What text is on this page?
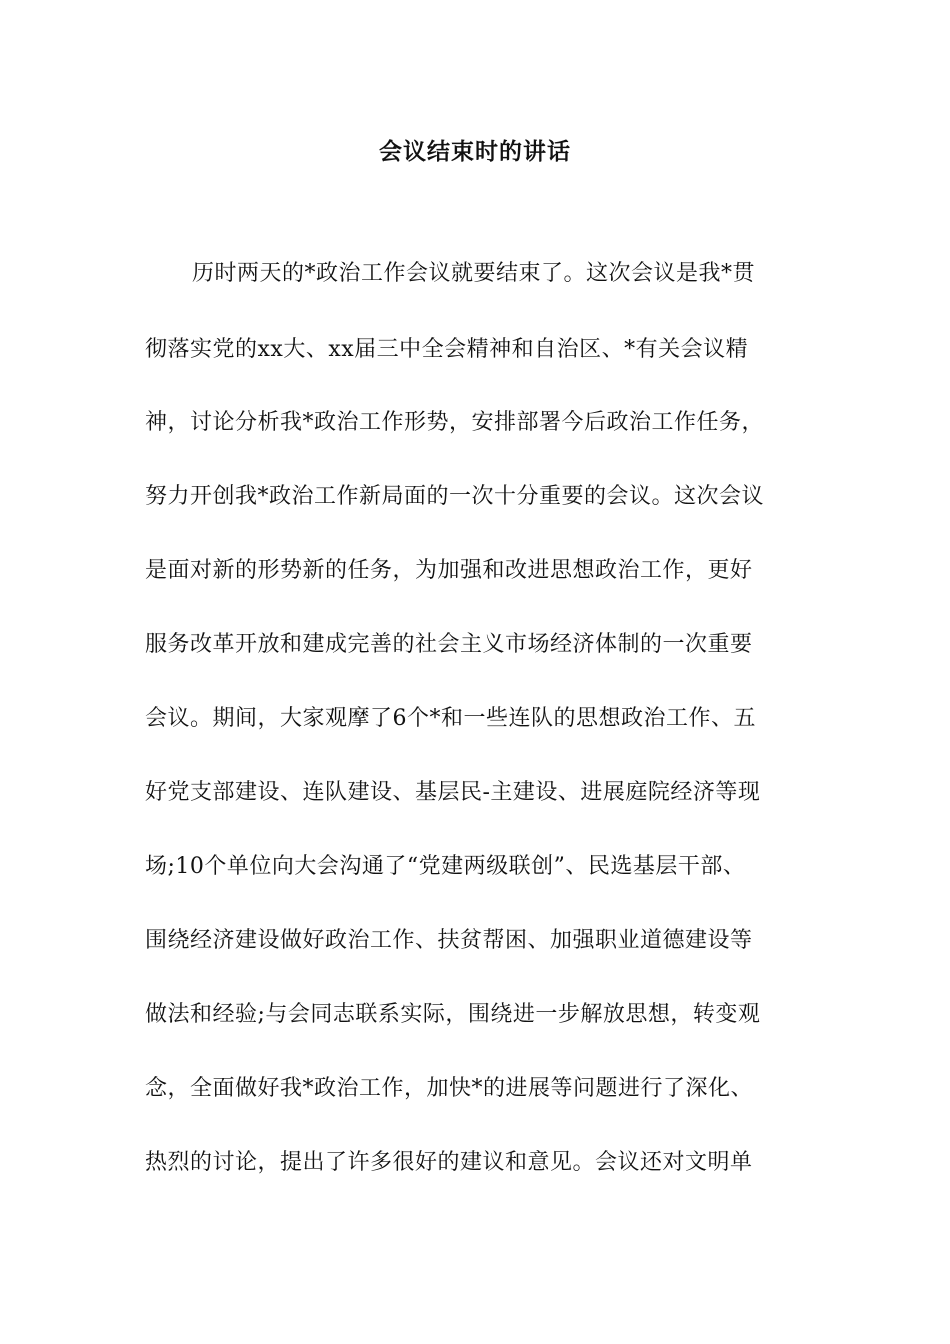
会议结束时的讲话
历时两天的*政治工作会议就要结束了。这次会议是我*贯
彻落实党的xx大、xx届三中全会精神和自治区、*有关会议精
神，讨论分析我*政治工作形势，安排部署今后政治工作任务，
努力开创我*政治工作新局面的一次十分重要的会议。这次会议
是面对新的形势新的任务，为加强和改进思想政治工作，更好
服务改革开放和建成完善的社会主义市场经济体制的一次重要
会议。期间，大家观摩了6个*和一些连队的思想政治工作、五
好党支部建设、连队建设、基层民-主建设、进展庭院经济等现
场;10个单位向大会沟通了“党建两级联创”、民选基层干部、
围绕经济建设做好政治工作、扶贫帮困、加强职业道德建设等
做法和经验;与会同志联系实际，围绕进一步解放思想，转变观
念，全面做好我*政治工作，加快*的进展等问题进行了深化、
热烈的讨论，提出了许多很好的建议和意见。会议还对文明单
